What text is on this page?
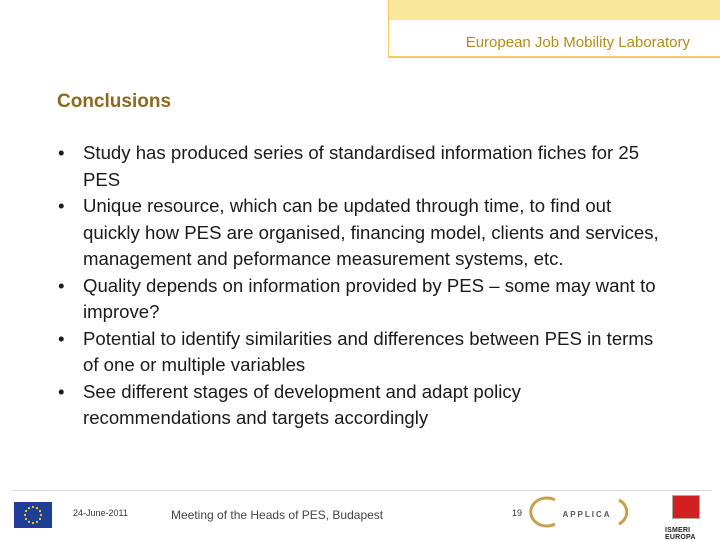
European Job Mobility Laboratory
Conclusions
• Study has produced series of standardised information fiches for 25 PES
• Unique resource, which can be updated through time, to find out quickly how PES are organised, financing model, clients and services, management and peformance measurement systems, etc.
• Quality depends on information provided by PES – some may want to improve?
• Potential to identify similarities and differences between PES in terms of one or multiple variables
• See different stages of development and adapt policy recommendations and targets accordingly
24-June-2011	Meeting of the Heads of PES, Budapest	19	APPLICA
ISMERI EUROPA
